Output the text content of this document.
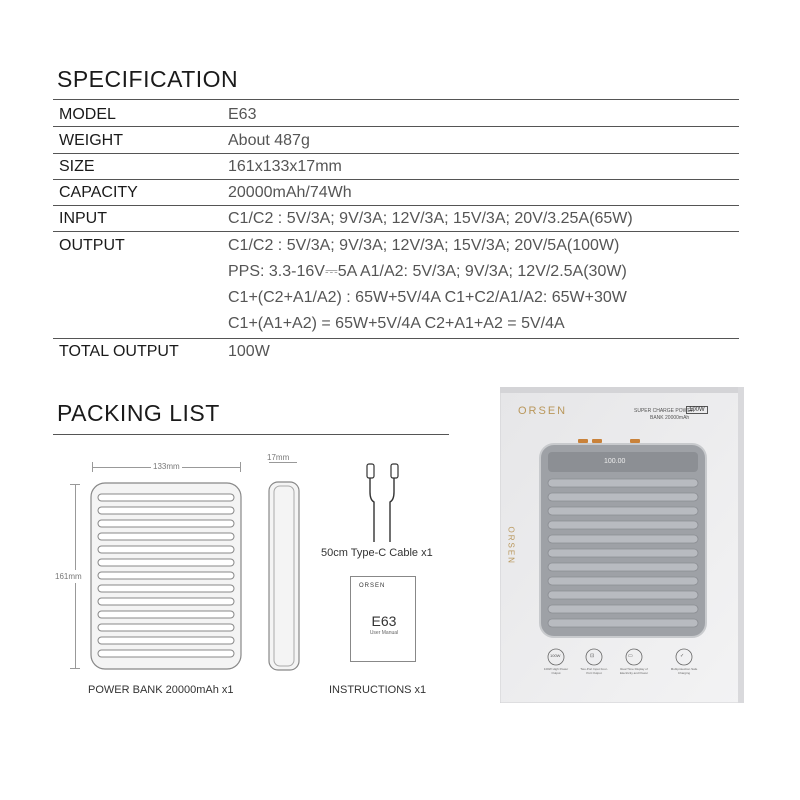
SPECIFICATION
MODEL	E63
WEIGHT	About 487g
SIZE	161x133x17mm
CAPACITY	20000mAh/74Wh
INPUT	C1/C2 : 5V/3A; 9V/3A; 12V/3A; 15V/3A; 20V/3.25A(65W)
OUTPUT	C1/C2 : 5V/3A; 9V/3A; 12V/3A; 15V/3A; 20V/5A(100W)
PPS: 3.3-16V⎓5A A1/A2: 5V/3A; 9V/3A; 12V/2.5A(30W)
C1+(C2+A1/A2) : 65W+5V/4A C1+C2/A1/A2: 65W+30W
C1+(A1+A2) = 65W+5V/4A C2+A1+A2 = 5V/4A
TOTAL OUTPUT	100W
PACKING LIST
133mm
161mm
17mm
POWER BANK 20000mAh x1
50cm Type-C Cable x1
ORSEN
E63
User Manual
INSTRUCTIONS x1
ORSEN	SUPER CHARGE POWER
BANK 20000mAh
100W
100.00
ORSEN
100W
100W High Power Output
⊡
Two-Port Input Four-Port Output
▭
Real Time Display of Electricity and Power
✓
Multiprotection Safe Charging
